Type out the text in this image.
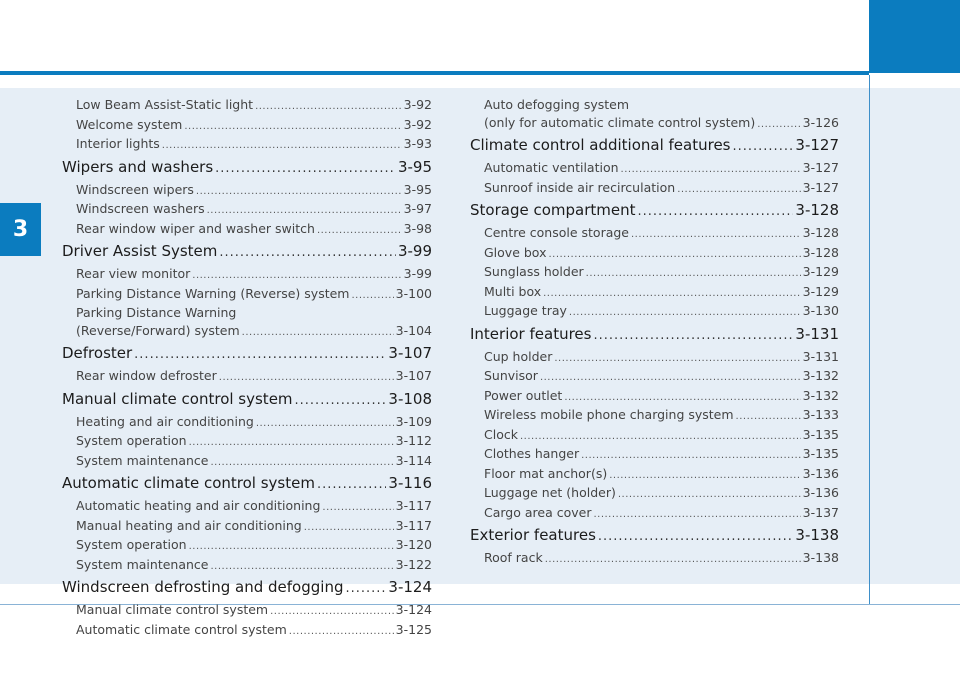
3
Low Beam Assist-Static light .....	3-92
Welcome system .....	3-92
Interior lights .....	3-93
Wipers and washers .....	3-95
Windscreen wipers .....	3-95
Windscreen washers .....	3-97
Rear window wiper and washer switch .....	3-98
Driver Assist System .....	3-99
Rear view monitor .....	3-99
Parking Distance Warning (Reverse) system .....	3-100
Parking Distance Warning
(Reverse/Forward) system .....	3-104
Defroster .....	3-107
Rear window defroster .....	3-107
Manual climate control system .....	3-108
Heating and air conditioning .....	3-109
System operation .....	3-112
System maintenance .....	3-114
Automatic climate control system .....	3-116
Automatic heating and air conditioning .....	3-117
Manual heating and air conditioning .....	3-117
System operation .....	3-120
System maintenance .....	3-122
Windscreen defrosting and defogging .....	3-124
Manual climate control system .....	3-124
Automatic climate control system .....	3-125
Auto defogging system
(only for automatic climate control system) .....	3-126
Climate control additional features .....	3-127
Automatic ventilation .....	3-127
Sunroof inside air recirculation .....	3-127
Storage compartment .....	3-128
Centre console storage .....	3-128
Glove box .....	3-128
Sunglass holder .....	3-129
Multi box .....	3-129
Luggage tray .....	3-130
Interior features .....	3-131
Cup holder .....	3-131
Sunvisor .....	3-132
Power outlet .....	3-132
Wireless mobile phone charging system .....	3-133
Clock .....	3-135
Clothes hanger .....	3-135
Floor mat anchor(s) .....	3-136
Luggage net (holder) .....	3-136
Cargo area cover .....	3-137
Exterior features .....	3-138
Roof rack .....	3-138
